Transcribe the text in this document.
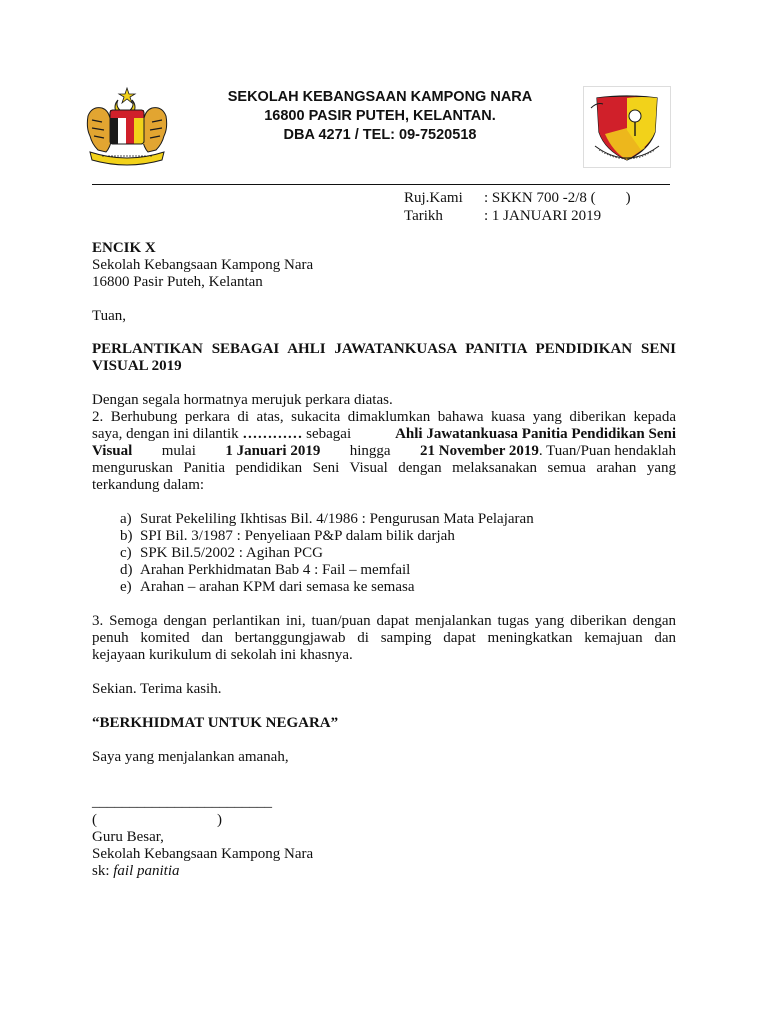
SEKOLAH KEBANGSAAN KAMPONG NARA
16800 PASIR PUTEH, KELANTAN.
DBA 4271 / TEL: 09-7520518
Ruj.Kami	: SKKN 700 -2/8 (        )
Tarikh	: 1 JANUARI 2019
ENCIK X
Sekolah Kebangsaan Kampong Nara
16800 Pasir Puteh, Kelantan
Tuan,
PERLANTIKAN SEBAGAI AHLI JAWATANKUASA PANITIA PENDIDIKAN SENI
VISUAL 2019
Dengan segala hormatnya merujuk perkara diatas.
2. Berhubung perkara di atas, sukacita dimaklumkan bahawa kuasa yang diberikan kepada
saya, dengan ini dilantik ………… sebagai	Ahli Jawatankuasa Panitia Pendidikan Seni
Visual mulai 1 Januari 2019 hingga 21 November 2019. Tuan/Puan hendaklah
menguruskan Panitia pendidikan Seni Visual dengan melaksanakan semua arahan yang
terkandung dalam:
a) Surat Pekeliling Ikhtisas Bil. 4/1986 : Pengurusan Mata Pelajaran
b) SPI Bil. 3/1987 : Penyeliaan P&P dalam bilik darjah
c) SPK Bil.5/2002 : Agihan PCG
d) Arahan Perkhidmatan Bab 4 : Fail – memfail
e) Arahan – arahan KPM dari semasa ke semasa
3. Semoga dengan perlantikan ini, tuan/puan dapat menjalankan tugas yang diberikan dengan
penuh komited dan bertanggungjawab di samping dapat meningkatkan kemajuan dan
kejayaan kurikulum di sekolah ini khasnya.
Sekian. Terima kasih.
“BERKHIDMAT UNTUK NEGARA”
Saya yang menjalankan amanah,
________________________
(                                )
Guru Besar,
Sekolah Kebangsaan Kampong Nara
sk: fail panitia
